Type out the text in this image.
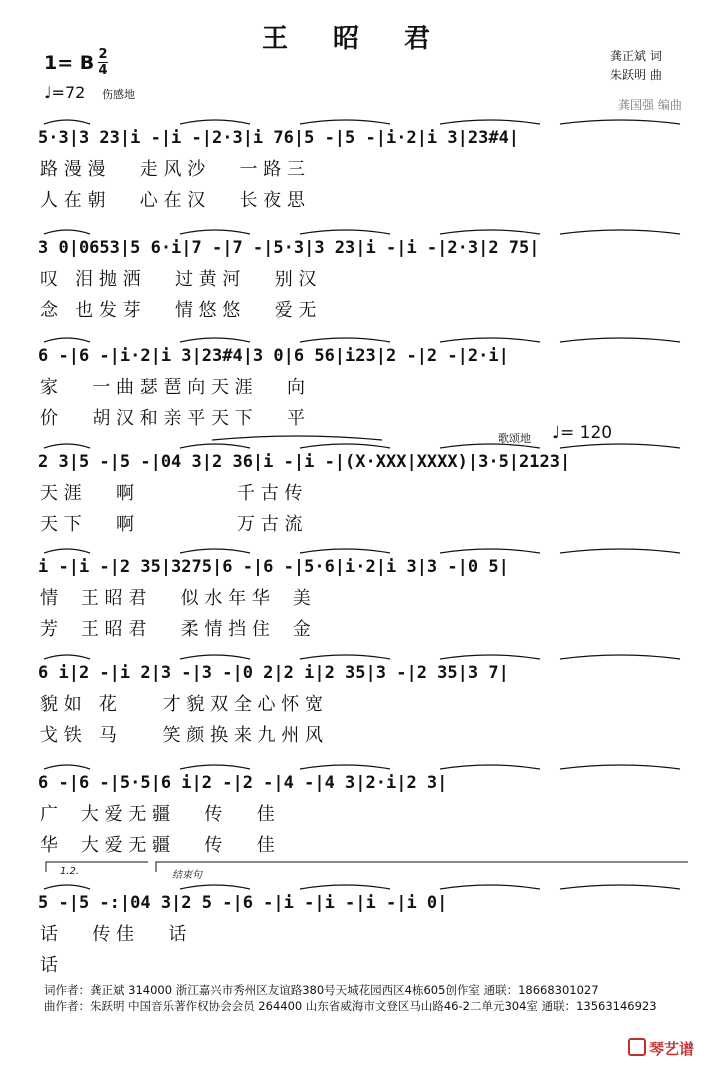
王 昭 君
1= B 2
4
♩=72 伤感地
龚正斌 词
朱跃明 曲
龚国强 编曲
歌颂地 ♩= 120
5·3|3 23|i -|i -|2·3|i 76|5 -|5 -|i·2|i 3|23#4|
路 漫 漫      走 风 沙      一 路 三
人 在 朝      心 在 汉      长 夜 思
3 0|0653|5 6·i|7 -|7 -|5·3|3 23|i -|i -|2·3|2 75|
叹   泪 抛 洒      过 黄 河      别 汉
念   也 发 芽      情 悠 悠      爱 无
6 -|6 -|i·2|i 3|23#4|3 0|6 56|i23|2 -|2 -|2·i|
家      一 曲 瑟 琶 向 天 涯      向
价      胡 汉 和 亲 平 天 下      平
2 3|5 -|5 -|04 3|2 36|i -|i -|(X·XXX|XXXX)|3·5|2123|
天 涯      啊                  千 古 传
天 下      啊                  万 古 流
i -|i -|2 35|3275|6 -|6 -|5·6|i·2|i 3|3 -|0 5|
情    王 昭 君      似 水 年 华    美
芳    王 昭 君      柔 情 挡 住    金
6 i|2 -|i 2|3 -|3 -|0 2|2 i|2 35|3 -|2 35|3 7|
貌 如   花        才 貌 双 全 心 怀 宽
戈 铁   马        笑 颜 换 来 九 州 风
6 -|6 -|5·5|6 i|2 -|2 -|4 -|4 3|2·i|2 3|
广    大 爱 无 疆      传      佳
华    大 爱 无 疆      传      佳
5 -|5 -:|04 3|2 5 -|6 -|i -|i -|i -|i 0|
话      传 佳      话
话
词作者：龚正斌 314000 浙江嘉兴市秀州区友谊路380号天城花园西区4栋605创作室 通联：18668301027
曲作者：朱跃明 中国音乐著作权协会会员 264400 山东省威海市文登区马山路46-2二单元304室 通联：13563146923
琴艺谱
1.2.	结束句
